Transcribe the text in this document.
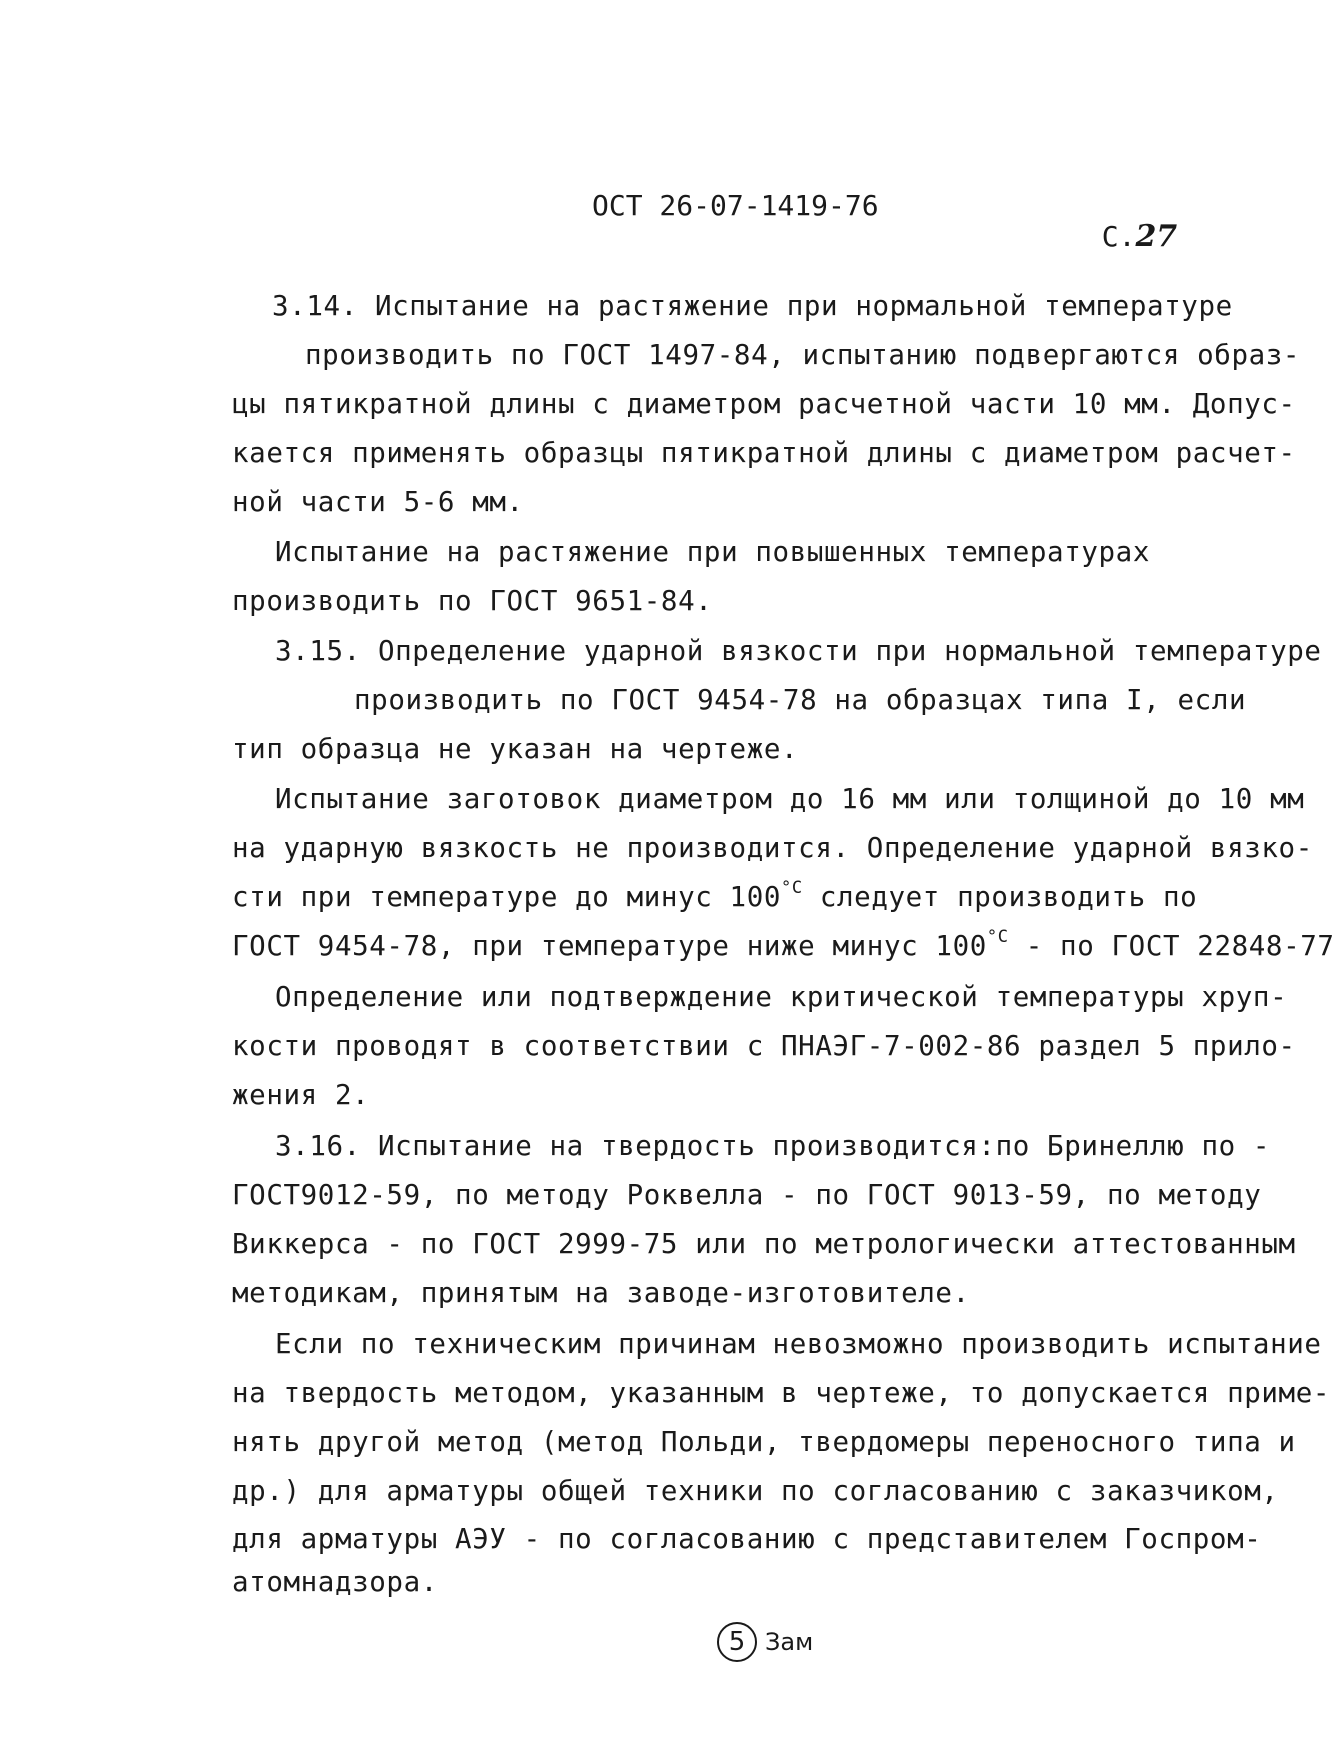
ОСТ 26-07-1419-76

С.27

3.14. Испытание на растяжение при нормальной температуре
производить по ГОСТ 1497-84, испытанию подвергаются образ-
цы пятикратной длины с диаметром расчетной части 10 мм. Допус-
кается применять образцы пятикратной длины с диаметром расчет-
ной части 5-6 мм.
Испытание на растяжение при повышенных температурах
производить по ГОСТ 9651-84.
3.15. Определение ударной вязкости при нормальной температуре
производить по ГОСТ 9454-78 на образцах типа I, если
тип образца не указан на чертеже.
Испытание заготовок диаметром до 16 мм или толщиной до 10 мм
на ударную вязкость не производится. Определение ударной вязко-
сти при температуре до минус $100^{^\circ С}$ следует производить по
ГОСТ 9454-78, при температуре ниже минус $100^{^\circ С}$ - по ГОСТ 22848-77
Определение или подтверждение критической температуры хруп-
кости проводят в соответствии с ПНАЭГ-7-002-86 раздел 5 прило-
жения 2.
3.16. Испытание на твердость производится:по Бринеллю по -
ГОСТ9012-59, по методу Роквелла - по ГОСТ 9013-59, по методу
Виккерса - по ГОСТ 2999-75 или по метрологически аттестованным
методикам, принятым на заводе-изготовителе.
Если по техническим причинам невозможно производить испытание
на твердость методом, указанным в чертеже, то допускается приме-
нять другой метод (метод Польди, твердомеры переносного типа и
др.) для арматуры общей техники по согласованию с заказчиком,
для арматуры АЭУ - по согласованию с представителем Госпром-
атомнадзора.
5 Зам
